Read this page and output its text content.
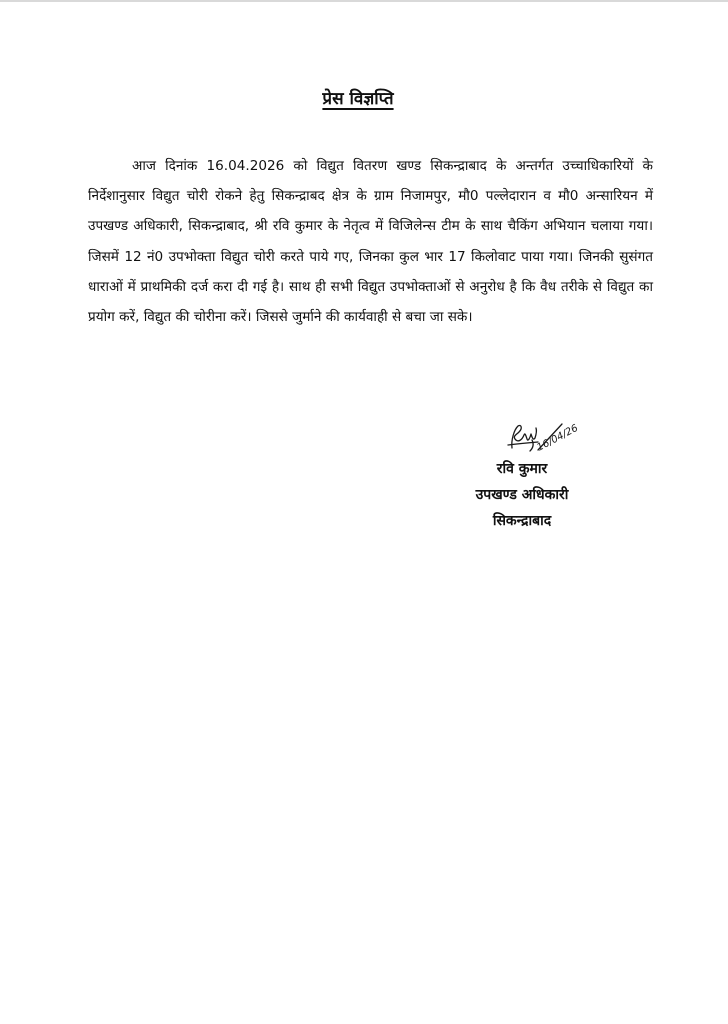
प्रेस विज्ञप्ति

आज दिनांक 16.04.2026 को विद्युत वितरण खण्ड सिकन्द्राबाद के अन्तर्गत उच्चाधिकारियों के निर्देशानुसार विद्युत चोरी रोकने हेतु सिकन्द्राबद क्षेत्र के ग्राम निजामपुर, मौ0 पल्लेदारान व मौ0 अन्सारियन में उपखण्ड अधिकारी, सिकन्द्राबाद, श्री रवि कुमार के नेतृत्व में विजिलेन्स टीम के साथ चैकिंग अभियान चलाया गया। जिसमें 12 नं0 उपभोक्ता विद्युत चोरी करते पाये गए, जिनका कुल भार 17 किलोवाट पाया गया। जिनकी सुसंगत धाराओं में प्राथमिकी दर्ज करा दी गई है। साथ ही सभी विद्युत उपभोक्ताओं से अनुरोध है कि वैध तरीके से विद्युत का प्रयोग करें, विद्युत की चोरीना करें। जिससे जुर्माने की कार्यवाही से बचा जा सके।

16/04/26
रवि कुमार
उपखण्ड अधिकारी
सिकन्द्राबाद
